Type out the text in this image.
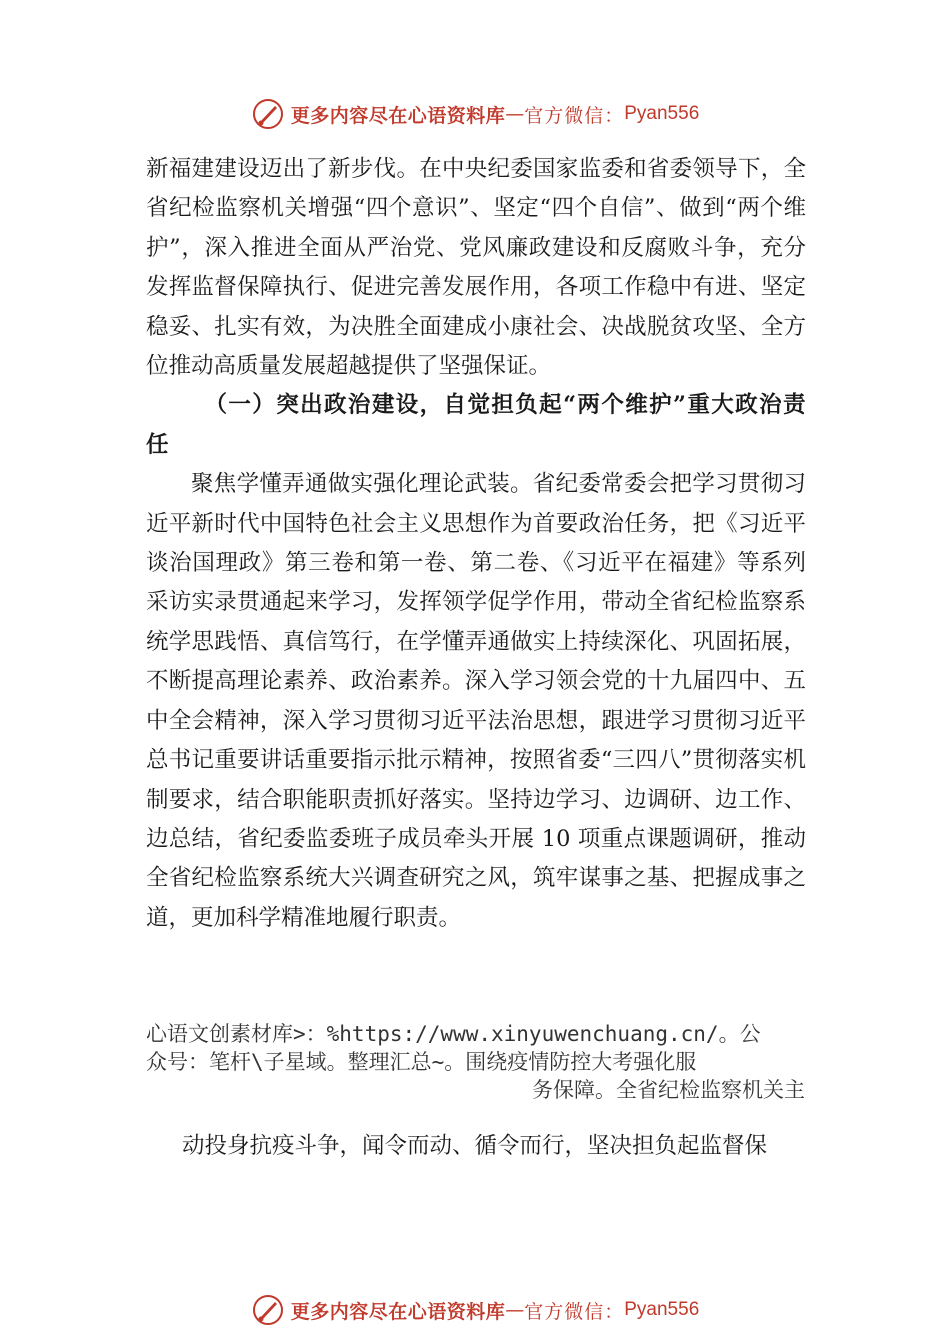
更多内容尽在心语资料库 — 官方微信： Pyan556

新福建建设迈出了新步伐。在中央纪委国家监委和省委领导下，全省纪检监察机关增强“四个意识”、坚定“四个自信”、做到“两个维护”，深入推进全面从严治党、党风廉政建设和反腐败斗争，充分发挥监督保障执行、促进完善发展作用，各项工作稳中有进、坚定稳妥、扎实有效，为决胜全面建成小康社会、决战脱贫攻坚、全方位推动高质量发展超越提供了坚强保证。

（一）突出政治建设，自觉担负起“两个维护”重大政治责任

聚焦学懂弄通做实强化理论武装。省纪委常委会把学习贯彻习近平新时代中国特色社会主义思想作为首要政治任务，把《习近平谈治国理政》第三卷和第一卷、第二卷、《习近平在福建》等系列采访实录贯通起来学习，发挥领学促学作用，带动全省纪检监察系统学思践悟、真信笃行，在学懂弄通做实上持续深化、巩固拓展，不断提高理论素养、政治素养。深入学习领会党的十九届四中、五中全会精神，深入学习贯彻习近平法治思想，跟进学习贯彻习近平总书记重要讲话重要指示批示精神，按照省委“三四八”贯彻落实机制要求，结合职能职责抓好落实。坚持边学习、边调研、边工作、边总结，省纪委监委班子成员牵头开展 10 项重点课题调研，推动全省纪检监察系统大兴调查研究之风，筑牢谋事之基、把握成事之道，更加科学精准地履行职责。

心语文创素材库>：%https://www.xinyuwenchuang.cn/。公
众号：笔杆\子星域。整理汇总~。围绕疫情防控大考强化服
务保障。全省纪检监察机关主
动投身抗疫斗争，闻令而动、循令而行，坚决担负起监督保
更多内容尽在心语资料库 — 官方微信： Pyan556
